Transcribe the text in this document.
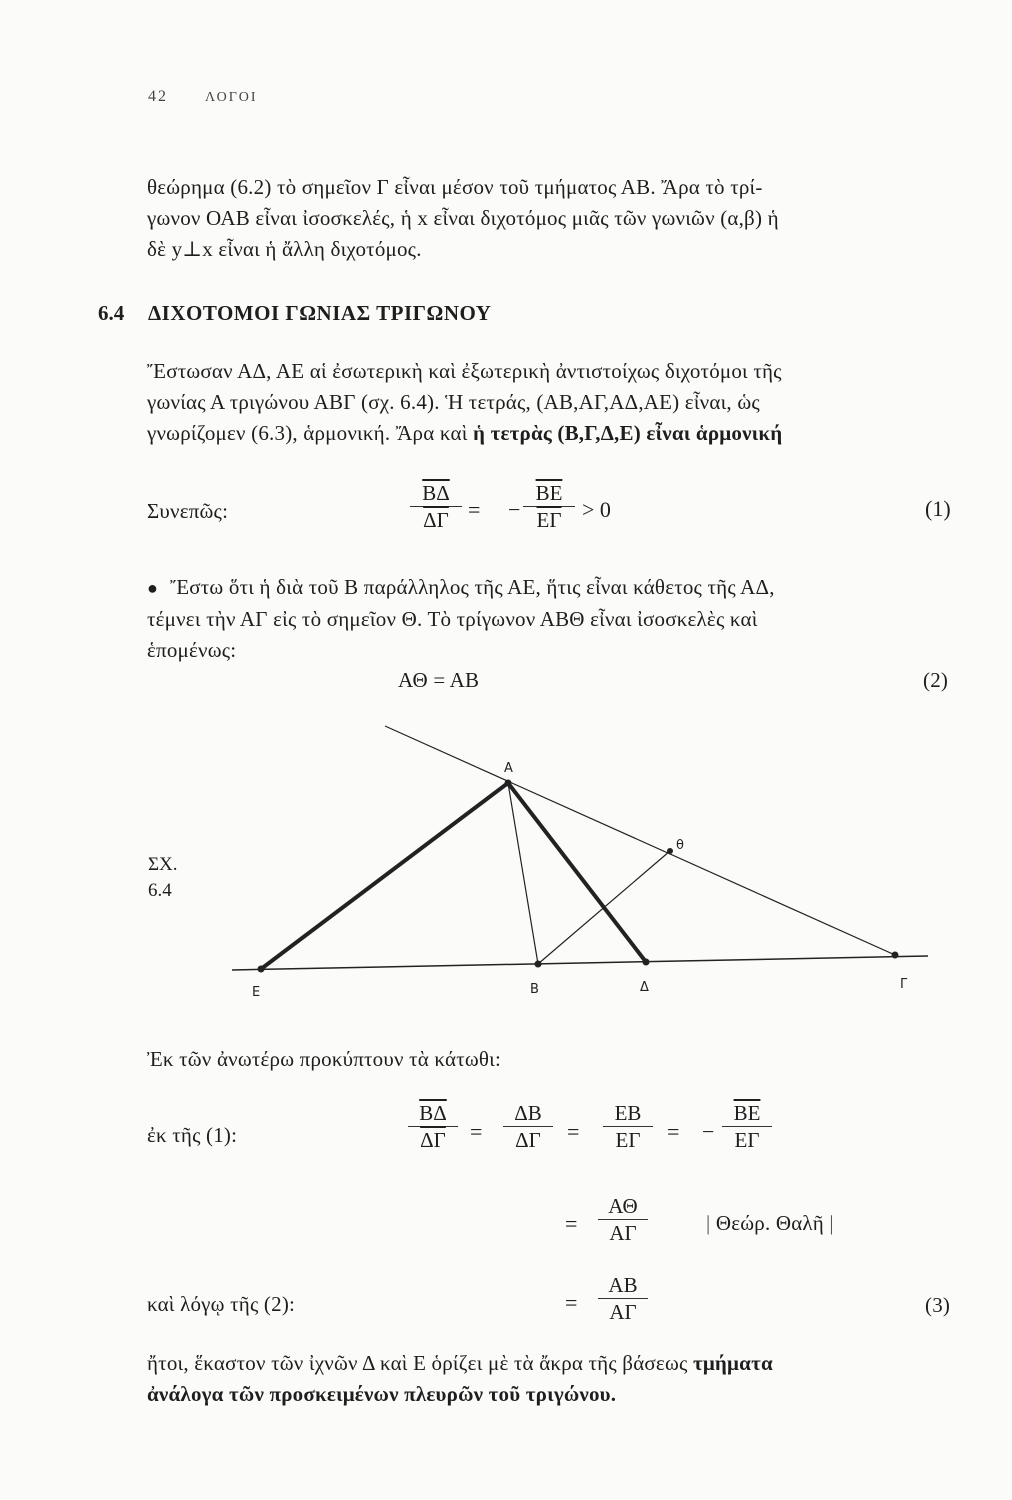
42	ΛΟΓΟΙ
θεώρημα (6.2) τὸ σημεῖον Γ εἶναι μέσον τοῦ τμήματος ΑΒ. Ἄρα τὸ τρί-
γωνον ΟΑΒ εἶναι ἰσοσκελές, ἡ x εἶναι διχοτόμος μιᾶς τῶν γωνιῶν (α,β) ἡ
δὲ y⊥x εἶναι ἡ ἄλλη διχοτόμος.
6.4 ΔΙΧΟΤΟΜΟΙ ΓΩΝΙΑΣ ΤΡΙΓΩΝΟΥ
Ἔστωσαν ΑΔ, ΑΕ αἱ ἐσωτερικὴ καὶ ἐξωτερικὴ ἀντιστοίχως διχοτόμοι τῆς
γωνίας Α τριγώνου ΑΒΓ (σχ. 6.4). Ἡ τετράς, (ΑΒ,ΑΓ,ΑΔ,ΑΕ) εἶναι, ὡς
γνωρίζομεν (6.3), ἁρμονική. Ἄρα καὶ ἡ τετρὰς (Β,Γ,Δ,Ε) εἶναι ἁρμονική
Συνεπῶς:	$\frac{\overline{B\Delta}}{\Delta\Gamma}$ = − $\frac{\overline{BE}}{E\Gamma} > 0$	(1)
● Ἔστω ὅτι ἡ διὰ τοῦ Β παράλληλος τῆς ΑΕ, ἥτις εἶναι κάθετος τῆς ΑΔ,
τέμνει τὴν ΑΓ εἰς τὸ σημεῖον Θ. Τὸ τρίγωνον ΑΒΘ εἶναι ἰσοσκελὲς καὶ
ἑπομένως:
ΑΘ = ΑΒ	(2)
ΣΧ.
6.4
A
θ
E	B	Δ	Γ
Ἐκ τῶν ἀνωτέρω προκύπτουν τὰ κάτωθι:
ἐκ τῆς (1):	$\frac{\overline{B\Delta}}{\Delta\Gamma} = \frac{\Delta B}{\Delta\Gamma} = \frac{EB}{E\Gamma}$ = − $\frac{\overline{BE}}{E\Gamma}$
= $\frac{A\Theta}{A\Gamma}$	| Θεώρ. Θαλῆ |
καὶ λόγῳ τῆς (2):	= $\frac{AB}{A\Gamma}$	(3)
ἤτοι, ἕκαστον τῶν ἰχνῶν Δ καὶ Ε ὁρίζει μὲ τὰ ἄκρα τῆς βάσεως τμήματα
ἀνάλογα τῶν προσκειμένων πλευρῶν τοῦ τριγώνου.
